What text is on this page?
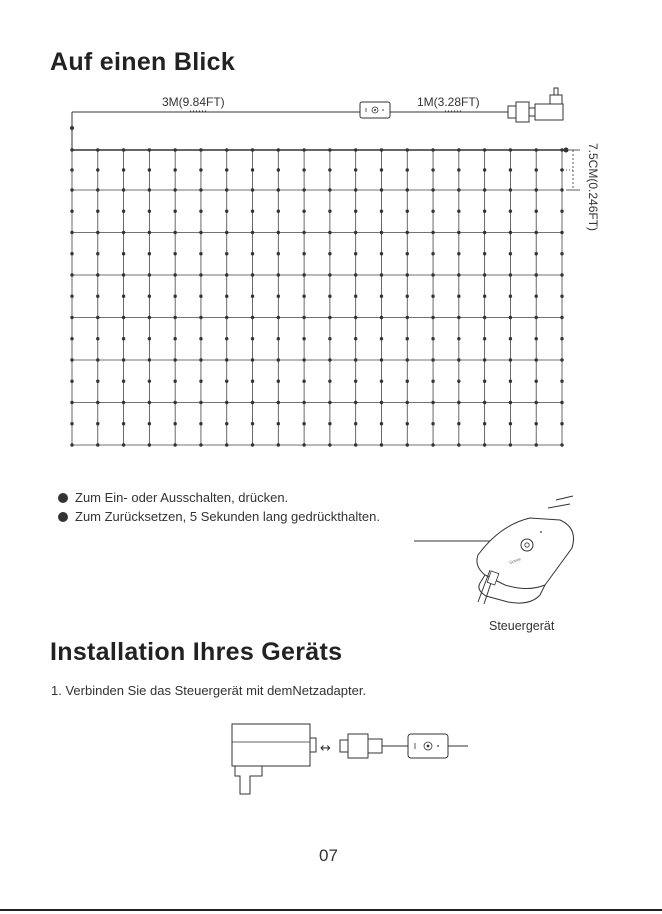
Auf einen Blick
3M(9.84FT)	1M(3.28FT)
Govee
↔
7.5CM(0.246FT)
Zum Ein- oder Ausschalten, drücken.
Zum Zurücksetzen, 5 Sekunden lang gedrückthalten.
Steuergerät
Installation Ihres Geräts
1. Verbinden Sie das Steuergerät mit demNetzadapter.
07
